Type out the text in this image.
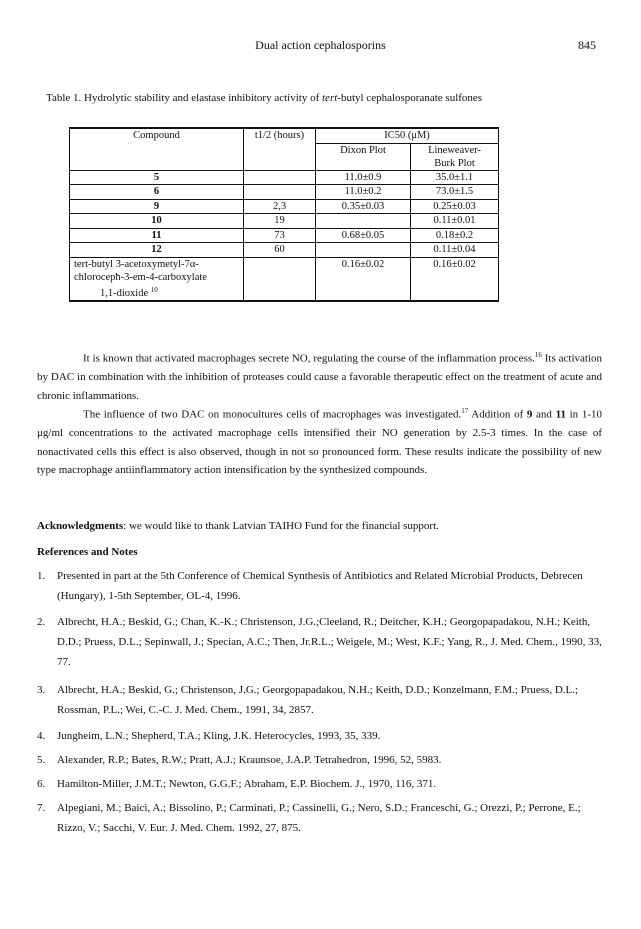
Dual action cephalosporins	845
Table 1. Hydrolytic stability and elastase inhibitory activity of tert-butyl cephalosporanate sulfones
Compound	t1/2 (hours)	IC50 (μM)	
		Dixon Plot	Lineweaver-
Burk Plot
5		11.0±0.9	35.0±1.1
6		11.0±0.2	73.0±1.5
9	2,3	0.35±0.03	0.25±0.03
10	19		0.11±0.01
11	73	0.68±0.05	0.18±0.2
12	60		0.11±0.04
tert-butyl 3-acetoxymetyl-7α-
chlorocepħ-3-em-4-carboxylate
1,1-dioxide $^{10}$		0.16±0.02	0.16±0.02
It is known that activated macrophages secrete NO, regulating the course of the inflammation process.$^{16}$ Its activation by DAC in combination with the inhibition of proteases could cause a favorable therapeutic effect on the treatment of acute and chronic inflammations.
The influence of two DAC on monocultures cells of macrophages was investigated.$^{17}$ Addition of 9 and 11 in 1-10 μg/ml concentrations to the activated macrophage cells intensified their NO generation by 2.5-3 times. In the case of nonactivated cells this effect is also observed, though in not so pronounced form. These results indicate the possibility of new type macrophage antiinflammatory action intensification by the synthesized compounds.
Acknowledgments: we would like to thank Latvian TAIHO Fund for the financial support.
References and Notes
1.	Presented in part at the 5th Conference of Chemical Synthesis of Antibiotics and Related Microbial Products, Debrecen (Hungary), 1-5th September, OL-4, 1996.
2.	Albrecht, H.A.; Beskid, G.; Chan, K.-K.; Christenson, J.G.;Cleeland, R.; Deitcher, K.H.; Georgopapadakou, N.H.; Keith, D.D.; Pruess, D.L.; Sepinwall, J.; Specian, A.C.; Then, Jr.R.L.; Weigele, M.; West, K.F.; Yang, R., J. Med. Chem., 1990, 33, 77.
3.	Albrecht, H.A.; Beskid, G.; Christenson, J.G.; Georgopapadakou, N.H.; Keith, D.D.; Konzelmann, F.M.; Pruess, D.L.; Rossman, P.L.; Wei, C.-C. J. Med. Chem., 1991, 34, 2857.
4.	Jungheim, L.N.; Shepherd, T.A.; Kling, J.K. Heterocycles, 1993, 35, 339.
5.	Alexander, R.P.; Bates, R.W.; Pratt, A.J.; Kraunsoe, J.A.P. Tetrahedron, 1996, 52, 5983.
6.	Hamilton-Miller, J.M.T.; Newton, G.G.F.; Abraham, E.P. Biochem. J., 1970, 116, 371.
7.	Alpegiani, M.; Baici, A.; Bissolino, P.; Carminati, P.; Cassinelli, G.; Nero, S.D.; Franceschi, G.; Orezzi, P.; Perrone, E.; Rizzo, V.; Sacchi, V. Eur. J. Med. Chem. 1992, 27, 875.
